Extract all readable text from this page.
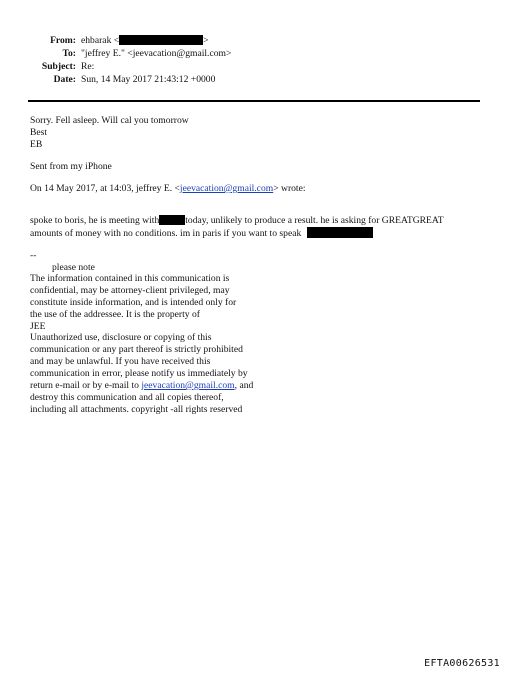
From: ehbarak <	>
To: "jeffrey E." <jeevacation@gmail.com>
Subject: Re:
Date: Sun, 14 May 2017 21:43:12 +0000
Sorry. Fell asleep. Will cal you tomorrow
Best
EB
Sent from my iPhone
On 14 May 2017, at 14:03, jeffrey E. <jeevacation@gmail.com> wrote:
spoke to boris, he is meeting with	today, unlikely to produce a result. he is asking for GREATGREAT
amounts of money with no conditions. im in paris if you want to speak
--
please note
The information contained in this communication is
confidential, may be attorney-client privileged, may
constitute inside information, and is intended only for
the use of the addressee. It is the property of
JEE
Unauthorized use, disclosure or copying of this
communication or any part thereof is strictly prohibited
and may be unlawful. If you have received this
communication in error, please notify us immediately by
return e-mail or by e-mail to jeevacation@gmail.com, and
destroy this communication and all copies thereof,
including all attachments. copyright -all rights reserved
EFTA00626531
